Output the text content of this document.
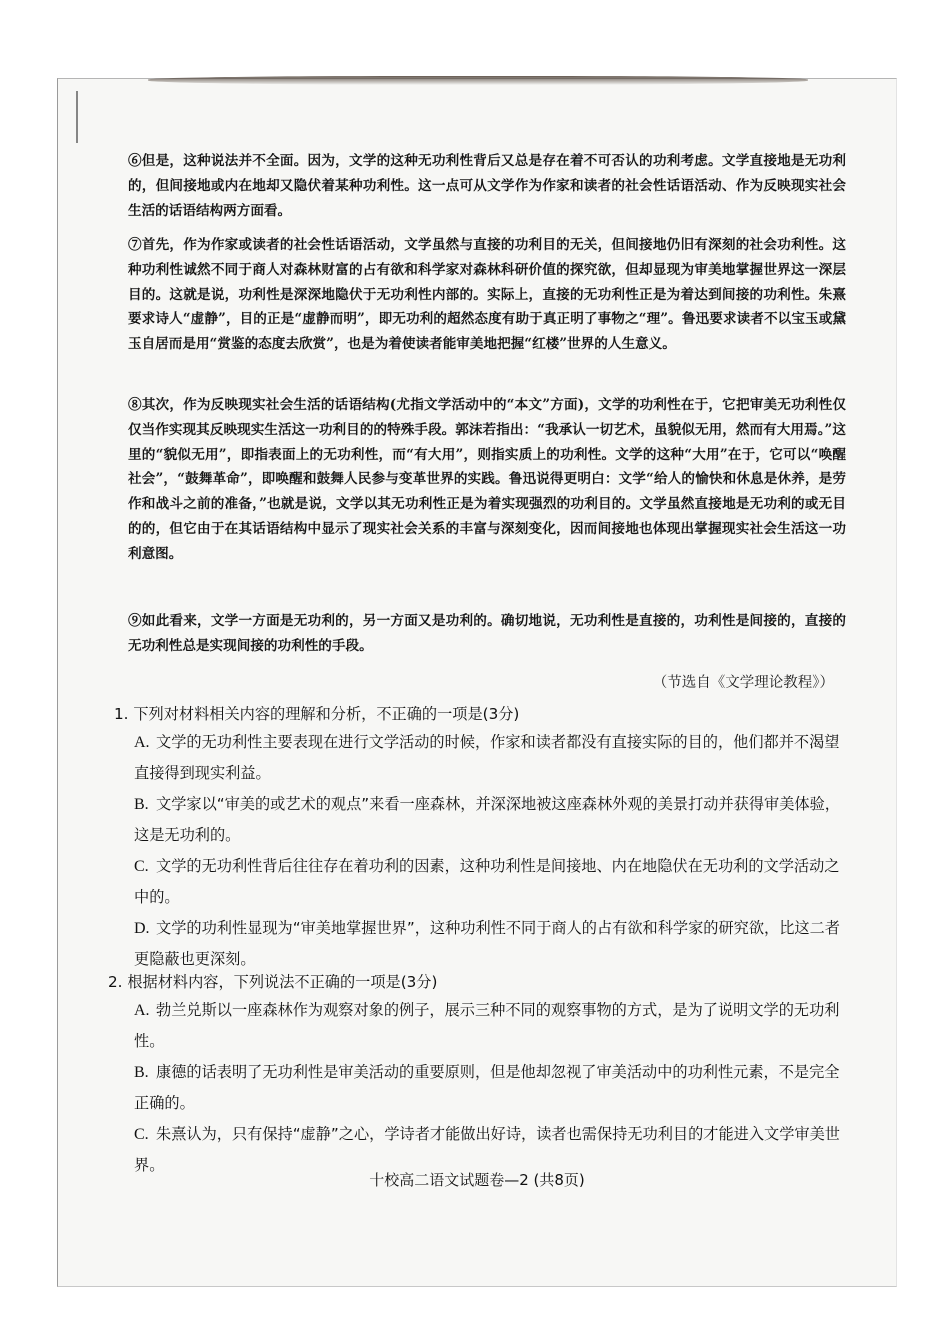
⑥但是，这种说法并不全面。因为，文学的这种无功利性背后又总是存在着不可否认的功利考虑。文学直接地是无功利的，但间接地或内在地却又隐伏着某种功利性。这一点可从文学作为作家和读者的社会性话语活动、作为反映现实社会生活的话语结构两方面看。

⑦首先，作为作家或读者的社会性话语活动，文学虽然与直接的功利目的无关，但间接地仍旧有深刻的社会功利性。这种功利性诚然不同于商人对森林财富的占有欲和科学家对森林科研价值的探究欲，但却显现为审美地掌握世界这一深层目的。这就是说，功利性是深深地隐伏于无功利性内部的。实际上，直接的无功利性正是为着达到间接的功利性。朱熹要求诗人“虚静”，目的正是“虚静而明”，即无功利的超然态度有助于真正明了事物之“理”。鲁迅要求读者不以宝玉或黛玉自居而是用“赏鉴的态度去欣赏”，也是为着使读者能审美地把握“红楼”世界的人生意义。

⑧其次，作为反映现实社会生活的话语结构(尤指文学活动中的“本文”方面)，文学的功利性在于，它把审美无功利性仅仅当作实现其反映现实生活这一功利目的的特殊手段。郭沫若指出：“我承认一切艺术，虽貌似无用，然而有大用焉。”这里的“貌似无用”，即指表面上的无功利性，而“有大用”，则指实质上的功利性。文学的这种“大用”在于，它可以“唤醒社会”，“鼓舞革命”，即唤醒和鼓舞人民参与变革世界的实践。鲁迅说得更明白：文学“给人的愉快和休息是休养，是劳作和战斗之前的准备，”也就是说，文学以其无功利性正是为着实现强烈的功利目的。文学虽然直接地是无功利的或无目的的，但它由于在其话语结构中显示了现实社会关系的丰富与深刻变化，因而间接地也体现出掌握现实社会生活这一功利意图。

⑨如此看来，文学一方面是无功利的，另一方面又是功利的。确切地说，无功利性是直接的，功利性是间接的，直接的无功利性总是实现间接的功利性的手段。

（节选自《文学理论教程》）
1. 下列对材料相关内容的理解和分析，不正确的一项是(3分)
A. 文学的无功利性主要表现在进行文学活动的时候，作家和读者都没有直接实际的目的，他们都并不渴望直接得到现实利益。
B. 文学家以“审美的或艺术的观点”来看一座森林，并深深地被这座森林外观的美景打动并获得审美体验，这是无功利的。
C. 文学的无功利性背后往往存在着功利的因素，这种功利性是间接地、内在地隐伏在无功利的文学活动之中的。
D. 文学的功利性显现为“审美地掌握世界”，这种功利性不同于商人的占有欲和科学家的研究欲，比这二者更隐蔽也更深刻。
2. 根据材料内容，下列说法不正确的一项是(3分)
A. 勃兰兑斯以一座森林作为观察对象的例子，展示三种不同的观察事物的方式，是为了说明文学的无功利性。
B. 康德的话表明了无功利性是审美活动的重要原则，但是他却忽视了审美活动中的功利性元素，不是完全正确的。
C. 朱熹认为，只有保持“虚静”之心，学诗者才能做出好诗，读者也需保持无功利目的才能进入文学审美世界。
十校高二语文试题卷—2 (共8页)
